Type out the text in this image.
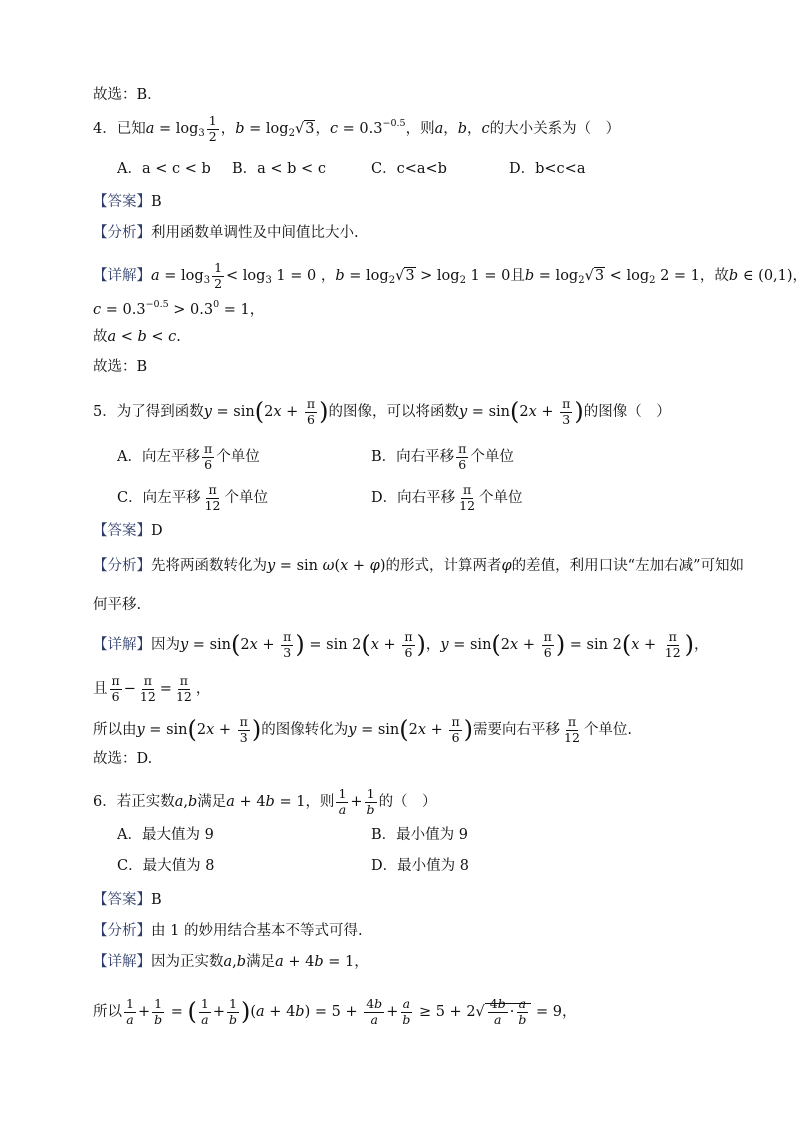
故选：B．
4．已知$a = \log_3 \frac{1}{2}$ ，$b = \log_2√3$，$c = 0.3^{-0.5}$，则a，b，c的大小关系为（　）
A．a < c < b B．a < b < c	C．c<a<b	D．b<c<a
【答案】B
【分析】利用函数单调性及中间值比大小.
【详解】$a = \log_3 \frac{1}{2} < \log_3 1 = 0$ ，$b = \log_2√3 > \log_2 1 = 0$且$b = \log_2√3 < \log_2 2 = 1$，故b ∈ (0,1)，
$c = 0.3^{-0.5} > 0.3^0 = 1$，
故a < b < c.
故选：B
5．为了得到函数$y = \sin(2x + \frac{\pi}{6}$ )的图像，可以将函数$y = \sin(2x + \frac{\pi}{3}$ )的图像（　）
A．向左平移 $\frac{\pi}{6}$ 个单位	B．向右平移 $\frac{\pi}{6}$ 个单位
C．向左平移 $\frac{\pi}{12}$ 个单位	D．向右平移 $\frac{\pi}{12}$ 个单位
【答案】D
【分析】先将两函数转化为y = sin ω(x + φ)的形式，计算两者φ的差值，利用口诀“左加右减”可知如
何平移.
【详解】因为$y = \sin(2x + \frac{\pi}{3}$ ) = $\sin 2(x + \frac{\pi}{6}$ )，$y = \sin(2x + \frac{\pi}{6}$ ) = $\sin 2(x + \frac{\pi}{12}$ )，
且 $\frac{\pi}{6} - \frac{\pi}{12} = \frac{\pi}{12}$ ，
所以由$y = \sin(2x + \frac{\pi}{3}$ )的图像转化为$y = \sin(2x + \frac{\pi}{6}$ )需要向右平移 $\frac{\pi}{12}$ 个单位.
故选：D.
6．若正实数a,b满足a + 4b = 1，则 $\frac{1}{a} + \frac{1}{b}$ 的（　）
A．最大值为 9	B．最小值为 9
C．最大值为 8	D．最小值为 8
【答案】B
【分析】由 1 的妙用结合基本不等式可得.
【详解】因为正实数a,b满足a + 4b = 1，
所以 $\frac{1}{a} + \frac{1}{b}$ = ( $\frac{1}{a} + \frac{1}{b} )(a + 4b) = 5 + \frac{4b}{a} + \frac{a}{b} \ge 5 + 2√ \frac{4b}{a} \cdot \frac{a}{b} = 9$，
